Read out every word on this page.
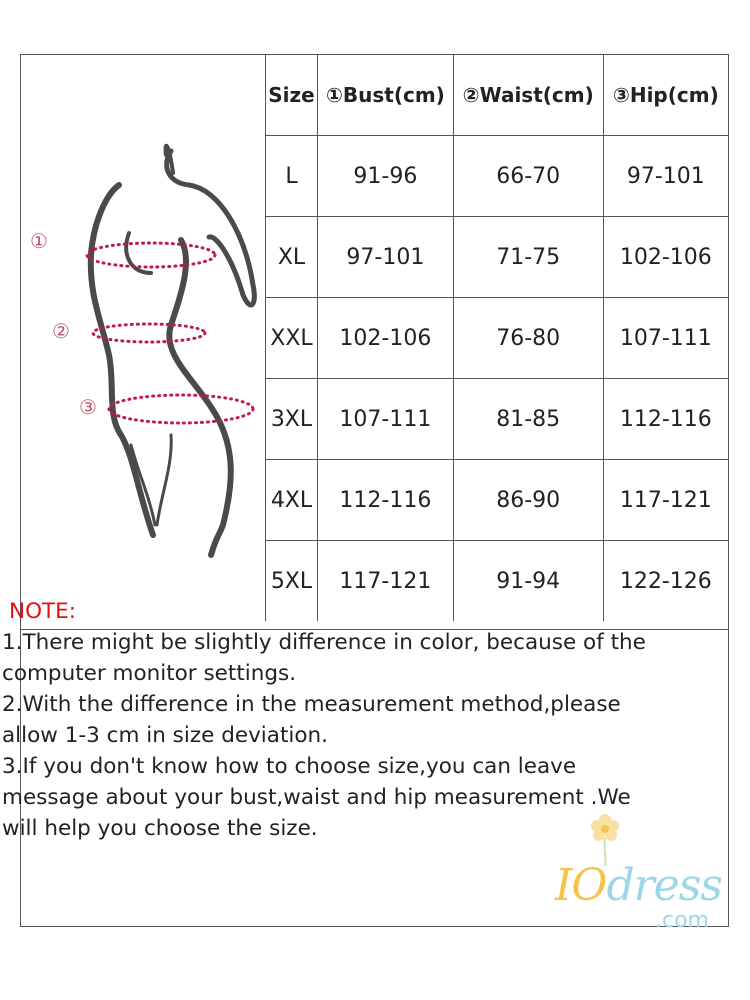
①
②
③
Size	①Bust(cm)	②Waist(cm)	③Hip(cm)
L	91-96	66-70	97-101
XL	97-101	71-75	102-106
XXL	102-106	76-80	107-111
3XL	107-111	81-85	112-116
4XL	112-116	86-90	117-121
5XL	117-121	91-94	122-126
NOTE:
1.There might be slightly difference in color, because of the
computer monitor settings.
2.With the difference in the measurement method,please
allow 1-3 cm in size deviation.
3.If you don't know how to choose size,you can leave
message about your bust,waist and hip measurement .We
will help you choose the size.
IOdress
.com
